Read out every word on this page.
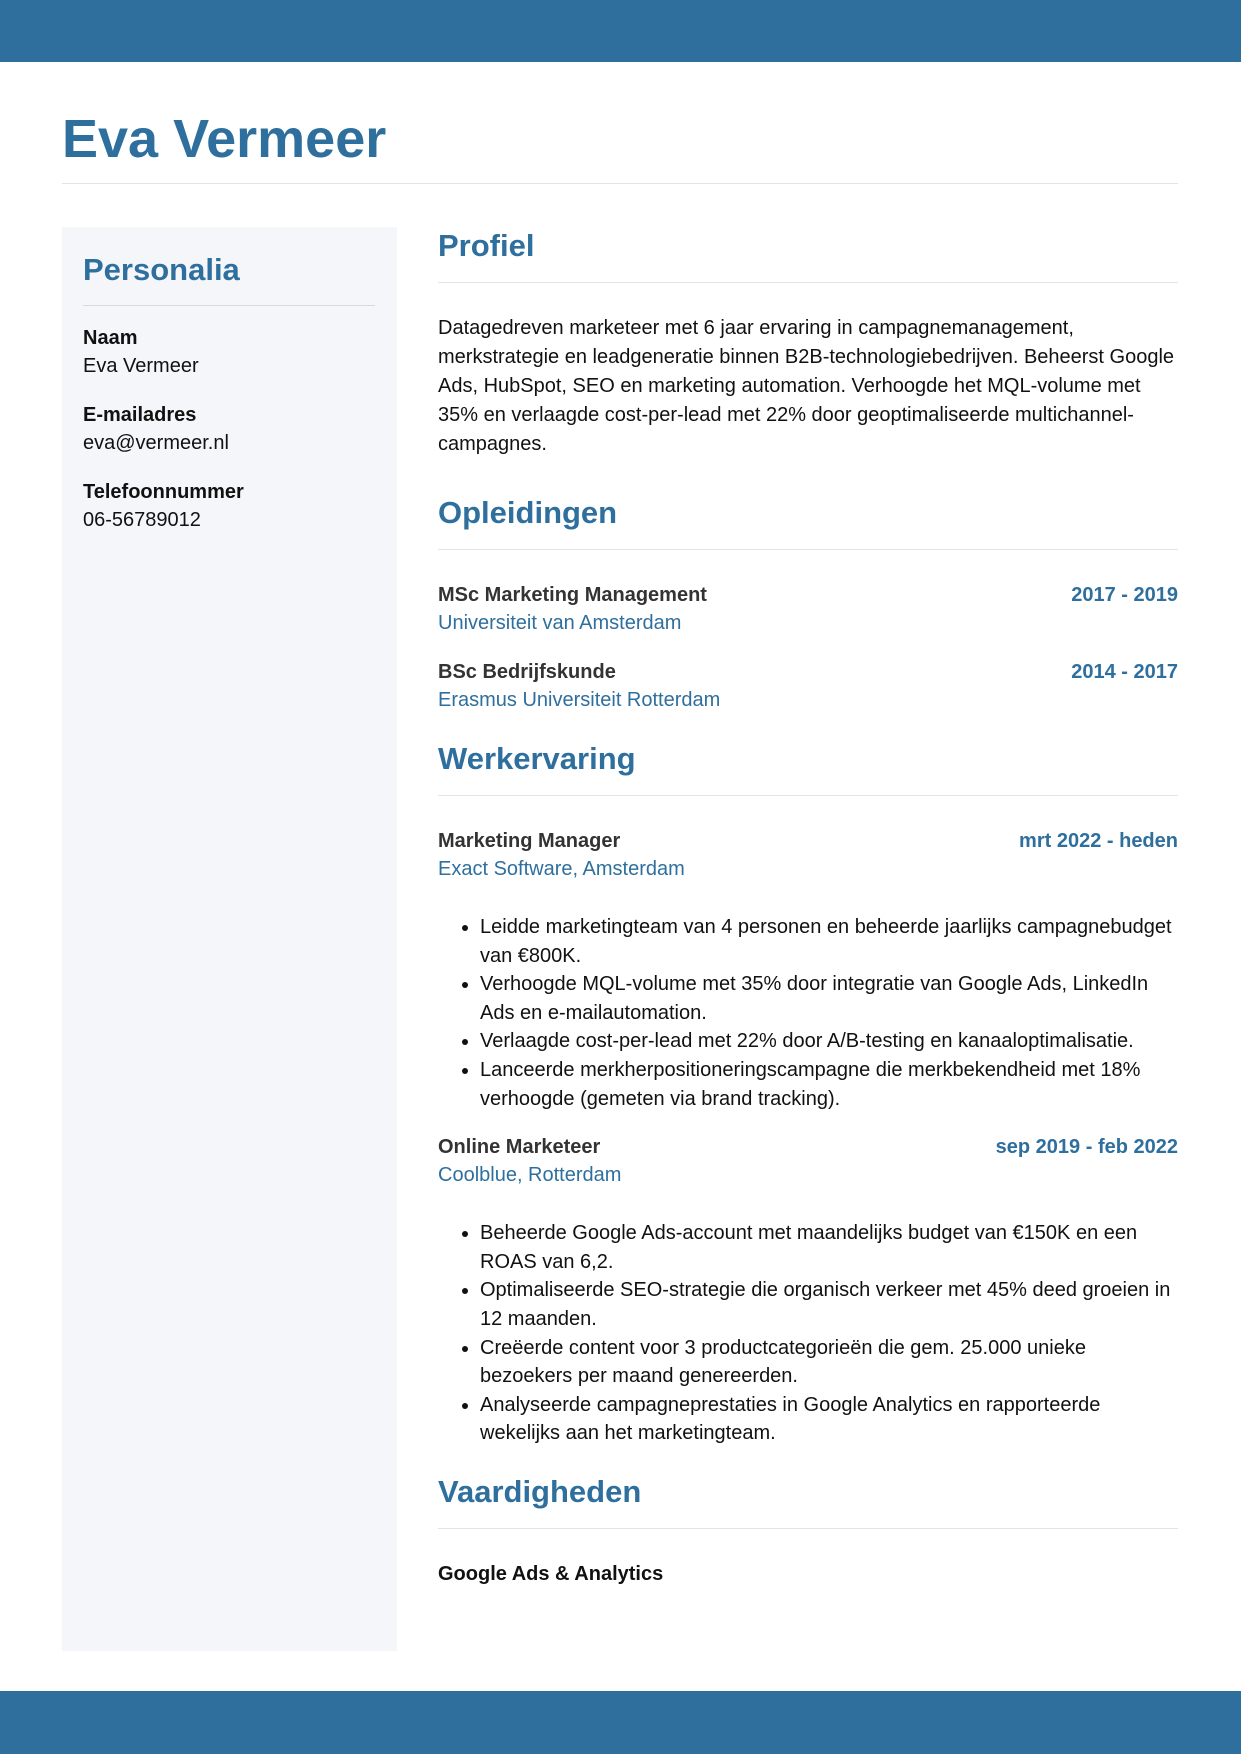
Eva Vermeer
Personalia
Naam
Eva Vermeer
E-mailadres
eva@vermeer.nl
Telefoonnummer
06-56789012
Profiel

Datagedreven marketeer met 6 jaar ervaring in campagnemanagement, merkstrategie en leadgeneratie binnen B2B-technologiebedrijven. Beheerst Google Ads, HubSpot, SEO en marketing automation. Verhoogde het MQL-volume met 35% en verlaagde cost-per-lead met 22% door geoptimaliseerde multichannel-campagnes.

Opleidingen
MSc Marketing Management	2017 - 2019
Universiteit van Amsterdam
BSc Bedrijfskunde	2014 - 2017
Erasmus Universiteit Rotterdam
Werkervaring
Marketing Manager	mrt 2022 - heden
Exact Software, Amsterdam
• Leidde marketingteam van 4 personen en beheerde jaarlijks campagnebudget van €800K.
• Verhoogde MQL-volume met 35% door integratie van Google Ads, LinkedIn Ads en e-mailautomation.
• Verlaagde cost-per-lead met 22% door A/B-testing en kanaaloptimalisatie.
• Lanceerde merkherpositioneringscampagne die merkbekendheid met 18% verhoogde (gemeten via brand tracking).
Online Marketeer	sep 2019 - feb 2022
Coolblue, Rotterdam
• Beheerde Google Ads-account met maandelijks budget van €150K en een ROAS van 6,2.
• Optimaliseerde SEO-strategie die organisch verkeer met 45% deed groeien in 12 maanden.
• Creëerde content voor 3 productcategorieën die gem. 25.000 unieke bezoekers per maand genereerden.
• Analyseerde campagneprestaties in Google Analytics en rapporteerde wekelijks aan het marketingteam.
Vaardigheden
Google Ads & Analytics
